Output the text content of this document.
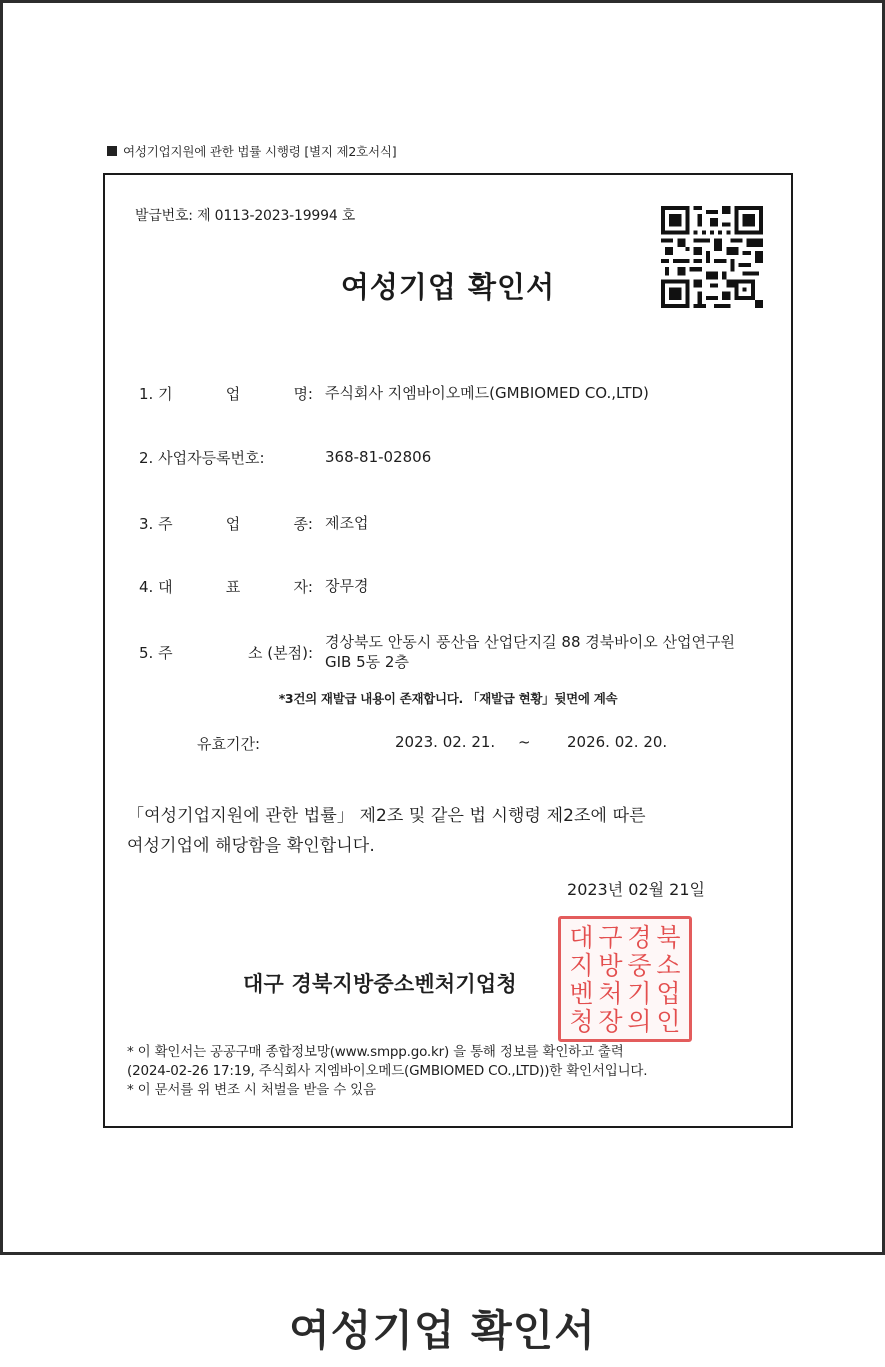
여성기업지원에 관한 법률 시행령 [별지 제2호서식]
발급번호: 제 0113-2023-19994 호
여성기업 확인서
1. 기	업	명: 주식회사 지엠바이오메드(GMBIOMED CO.,LTD)
2. 사업자등록번호:	368-81-02806
3. 주	업	종: 제조업
4. 대	표	자: 장무경
5. 주	소 (본점):
경상북도 안동시 풍산읍 산업단지길 88 경북바이오 산업연구원 GIB 5동 2층
*3건의 재발급 내용이 존재합니다. 「재발급 현황」뒷면에 계속
유효기간:	2023. 02. 21. ~ 2026. 02. 20.
「여성기업지원에 관한 법률」 제2조 및 같은 법 시행령 제2조에 따른
여성기업에 해당함을 확인합니다.
2023년 02월 21일
대구 경북지방중소벤처기업청
대 구 경 북
지 방 중 소
벤 처 기 업
청 장 의 인
* 이 확인서는 공공구매 종합정보망(www.smpp.go.kr) 을 통해 정보를 확인하고 출력
(2024-02-26 17:19, 주식회사 지엠바이오메드(GMBIOMED CO.,LTD))한 확인서입니다.
* 이 문서를 위 변조 시 처벌을 받을 수 있음
여성기업 확인서
